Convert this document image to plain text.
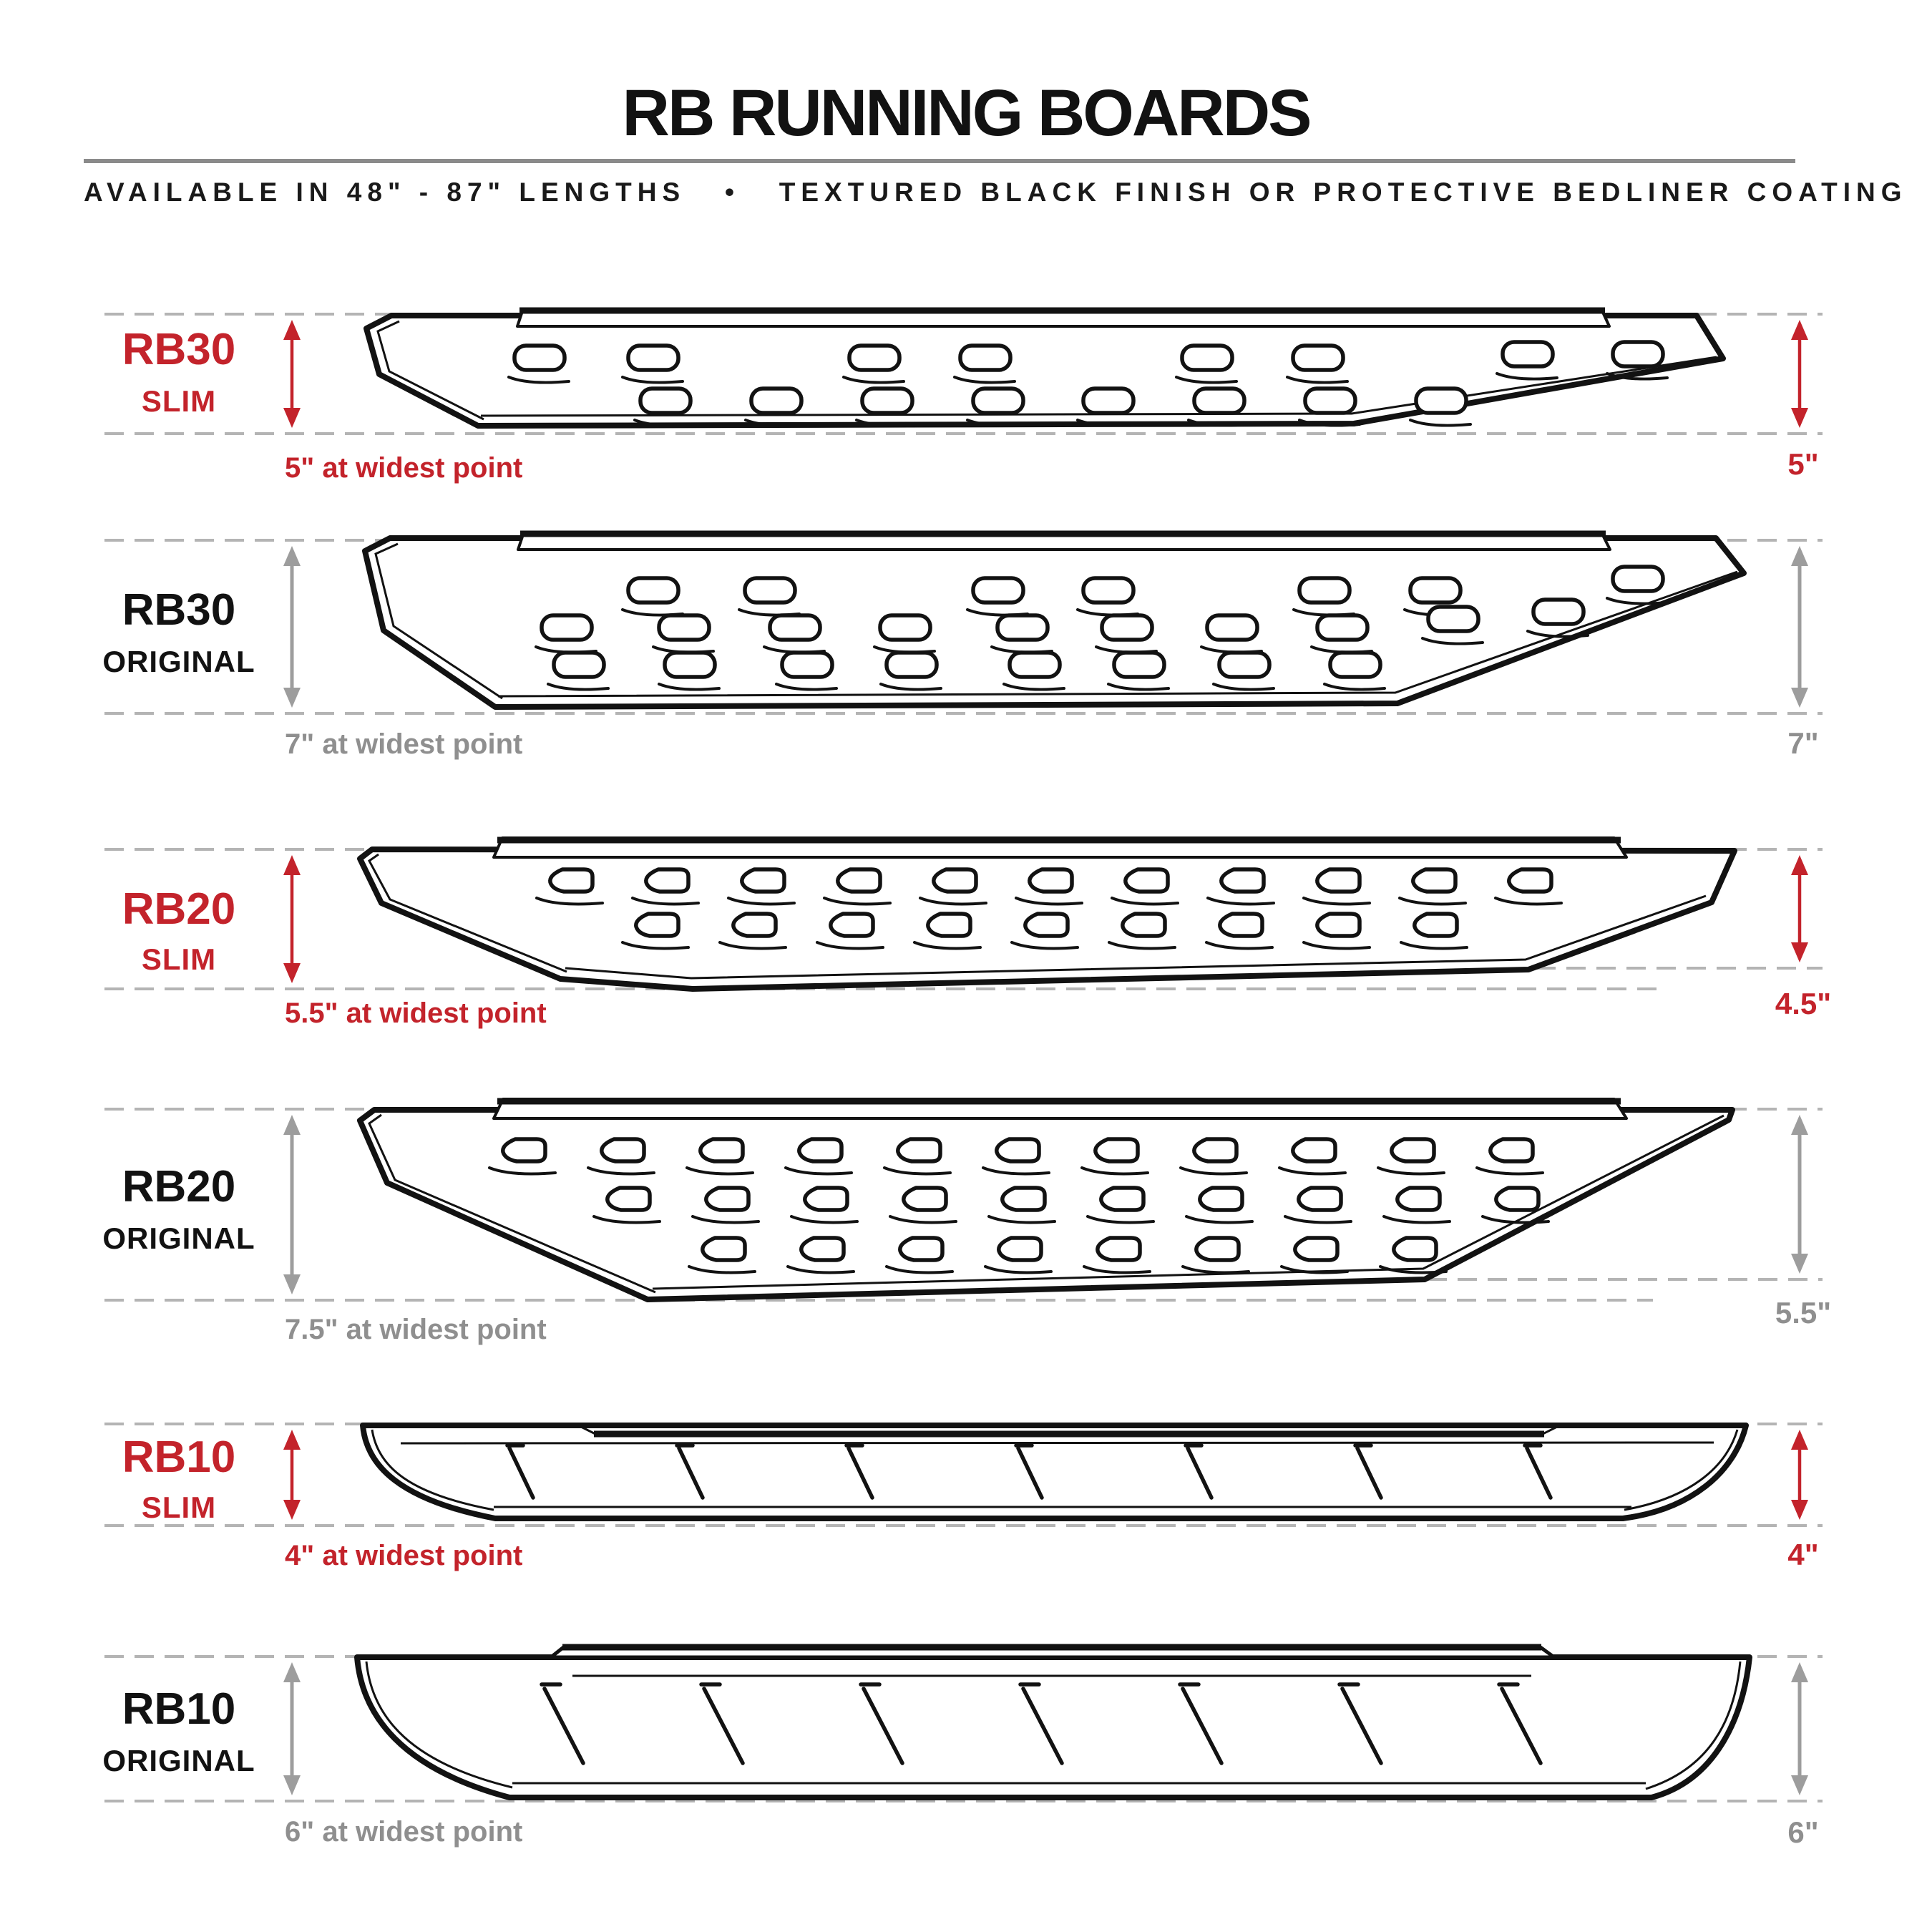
RB RUNNING BOARDS
AVAILABLE IN 48" - 87" LENGTHS   •   TEXTURED BLACK FINISH OR PROTECTIVE BEDLINER COATING
RB30
SLIM
5" at widest point	5"
RB30
ORIGINAL
7" at widest point	7"
RB20
SLIM
5.5" at widest point	4.5"
RB20
ORIGINAL
7.5" at widest point	5.5"
RB10
SLIM
4" at widest point	4"
RB10
ORIGINAL
6" at widest point	6"
